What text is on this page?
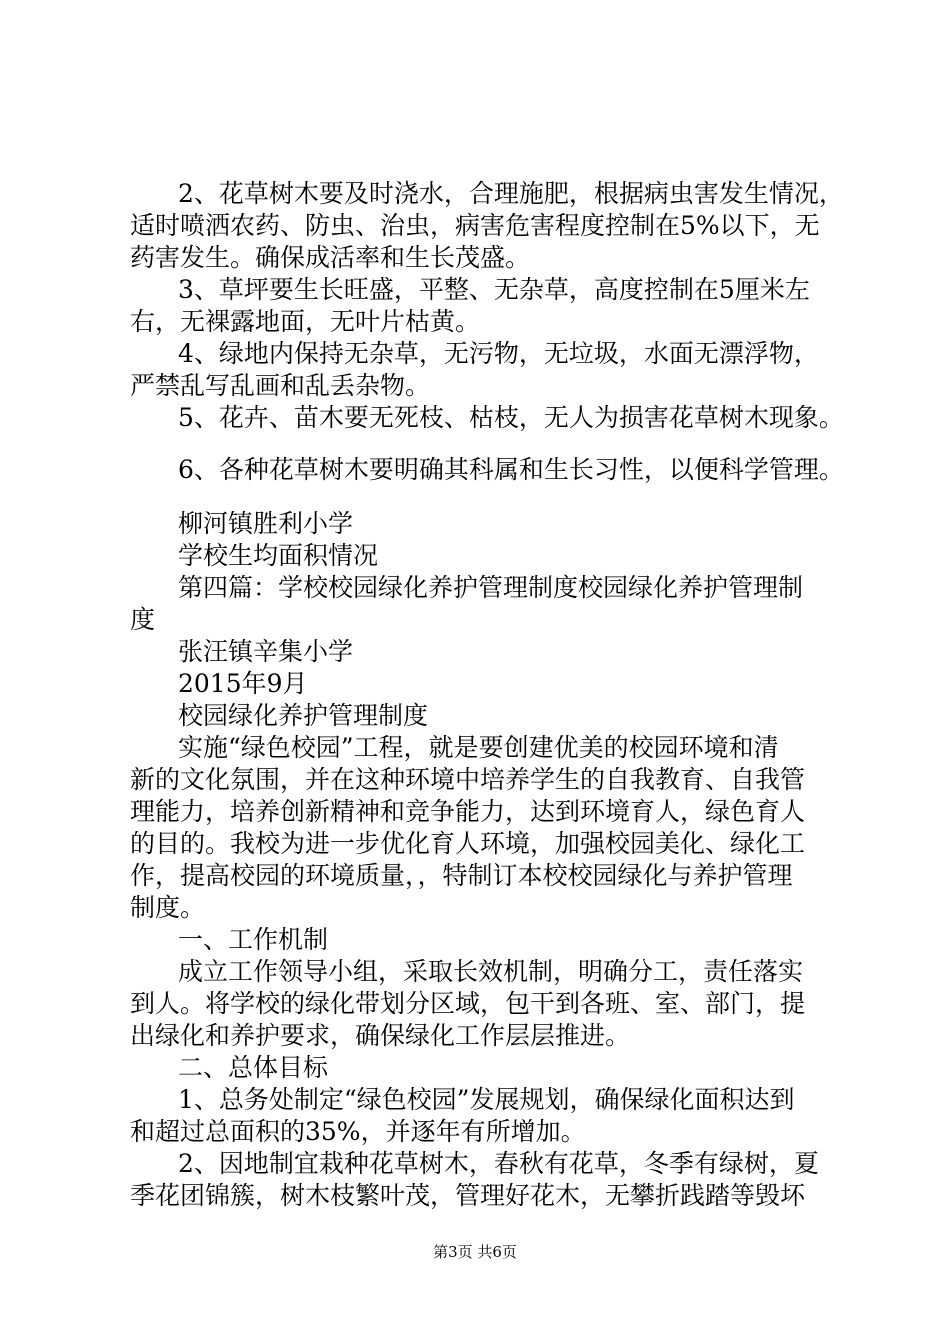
2、花草树木要及时浇水，合理施肥，根据病虫害发生情况，
适时喷洒农药、防虫、治虫，病害危害程度控制在5%以下，无
药害发生。确保成活率和生长茂盛。
3、草坪要生长旺盛，平整、无杂草，高度控制在5厘米左
右，无裸露地面，无叶片枯黄。
4、绿地内保持无杂草，无污物，无垃圾，水面无漂浮物，
严禁乱写乱画和乱丢杂物。
5、花卉、苗木要无死枝、枯枝，无人为损害花草树木现象。
6、各种花草树木要明确其科属和生长习性，以便科学管理。
柳河镇胜利小学
学校生均面积情况
第四篇：学校校园绿化养护管理制度校园绿化养护管理制
度
张汪镇辛集小学
2015年9月
校园绿化养护管理制度
实施“绿色校园”工程，就是要创建优美的校园环境和清
新的文化氛围，并在这种环境中培养学生的自我教育、自我管
理能力，培养创新精神和竞争能力，达到环境育人，绿色育人
的目的。我校为进一步优化育人环境，加强校园美化、绿化工
作，提高校园的环境质量，，特制订本校校园绿化与养护管理
制度。
一、工作机制
成立工作领导小组，采取长效机制，明确分工，责任落实
到人。将学校的绿化带划分区域，包干到各班、室、部门，提
出绿化和养护要求，确保绿化工作层层推进。
二、总体目标
1、总务处制定“绿色校园”发展规划，确保绿化面积达到
和超过总面积的35%，并逐年有所增加。
2、因地制宜栽种花草树木，春秋有花草，冬季有绿树，夏
季花团锦簇，树木枝繁叶茂，管理好花木，无攀折践踏等毁坏
第3页 共6页
